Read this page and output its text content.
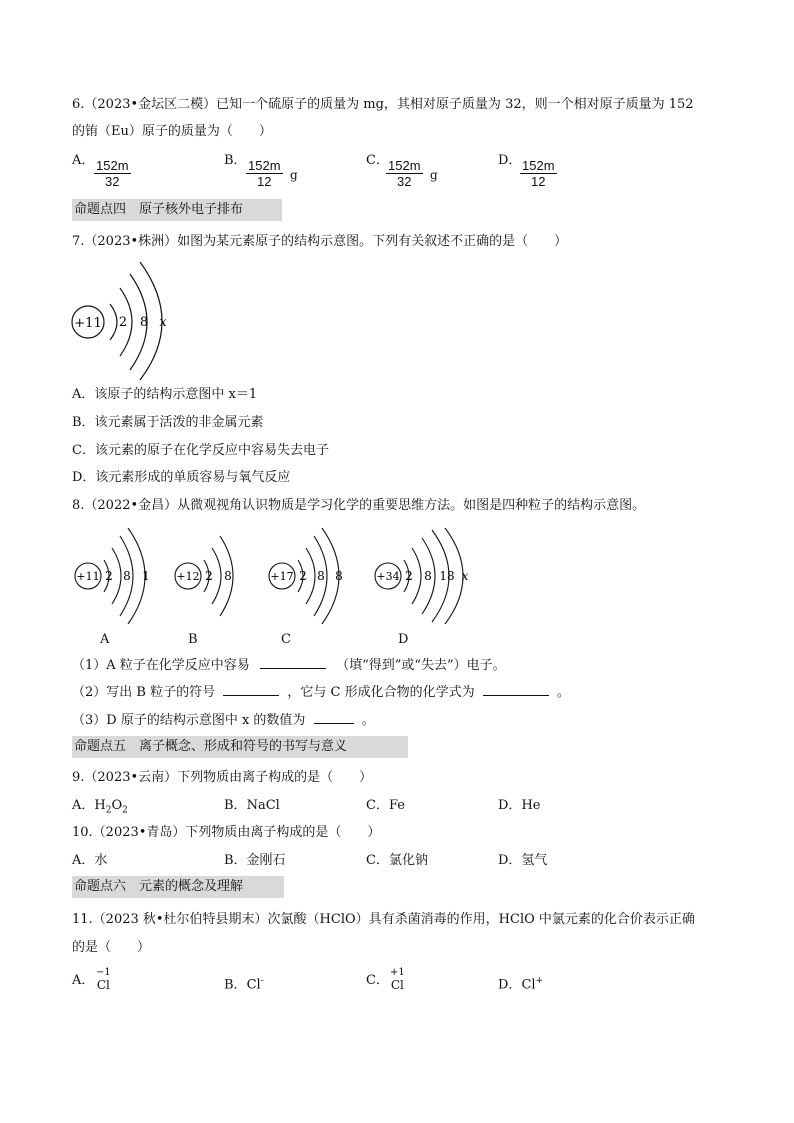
6.（2023•金坛区二模）已知一个硫原子的质量为 mg，其相对原子质量为 32，则一个相对原子质量为 152
的铕（Eu）原子的质量为（　　）
A． $\frac{152m}{32}$	B． $\frac{152m}{12}$ g
C．
$\frac{152m}{32}$ g
D．
$\frac{152m}{12}$
命题点四　原子核外电子排布
7.（2023•株洲）如图为某元素原子的结构示意图。下列有关叙述不正确的是（　　）
+11 2 8 x
A．该原子的结构示意图中 x＝1
B．该元素属于活泼的非金属元素
C．该元素的原子在化学反应中容易失去电子
D．该元素形成的单质容易与氧气反应
8.（2022•金昌）从微观视角认识物质是学习化学的重要思维方法。如图是四种粒子的结构示意图。
+11 2 8 1 +12 2 8	+17 2 8 8	+34 2 8 18 x
A	B	C	D
（1）A 粒子在化学反应中容易	（填“得到”或“失去”）电子。
（2）写出 B 粒子的符号	，它与 C 形成化合物的化学式为	。
（3）D 原子的结构示意图中 x 的数值为	。
命题点五　离子概念、形成和符号的书写与意义
9.（2023•云南）下列物质由离子构成的是（　　）
A．$H_2O_2$	B．NaCl	C．Fe	D．He
10.（2023•青岛）下列物质由离子构成的是（　　）
A．水	B．金刚石	C．氯化钠	D．氢气
命题点六　元素的概念及理解
11.（2023 秋•杜尔伯特县期末）次氯酸（HClO）具有杀菌消毒的作用，HClO 中氯元素的化合价表示正确
的是（　　）
A．
−1
Cl	B．Cl-	C．
+1
Cl	D．Cl+
